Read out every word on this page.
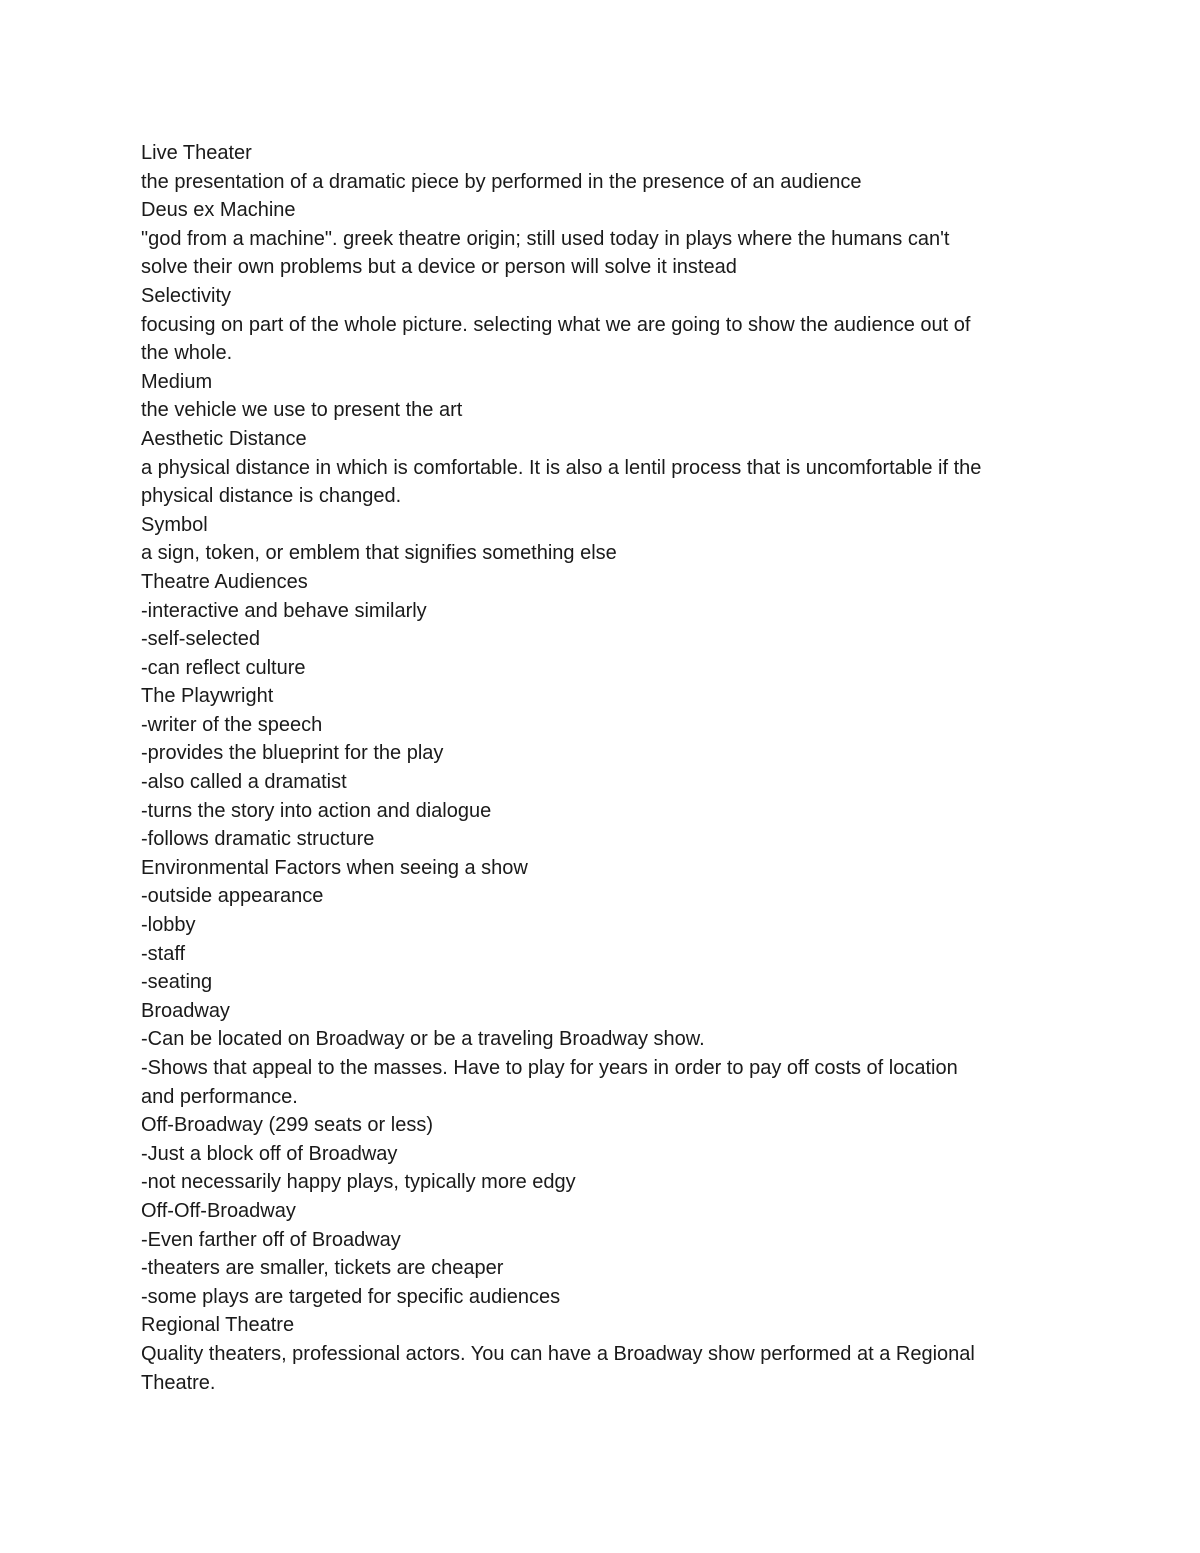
Live Theater
the presentation of a dramatic piece by performed in the presence of an audience
Deus ex Machine
"god from a machine". greek theatre origin; still used today in plays where the humans can't
solve their own problems but a device or person will solve it instead
Selectivity
focusing on part of the whole picture. selecting what we are going to show the audience out of
the whole.
Medium
the vehicle we use to present the art
Aesthetic Distance
a physical distance in which is comfortable. It is also a lentil process that is uncomfortable if the
physical distance is changed.
Symbol
a sign, token, or emblem that signifies something else
Theatre Audiences
-interactive and behave similarly
-self-selected
-can reflect culture
The Playwright
-writer of the speech
-provides the blueprint for the play
-also called a dramatist
-turns the story into action and dialogue
-follows dramatic structure
Environmental Factors when seeing a show
-outside appearance
-lobby
-staff
-seating
Broadway
-Can be located on Broadway or be a traveling Broadway show.
-Shows that appeal to the masses. Have to play for years in order to pay off costs of location
and performance.
Off-Broadway (299 seats or less)
-Just a block off of Broadway
-not necessarily happy plays, typically more edgy
Off-Off-Broadway
-Even farther off of Broadway
-theaters are smaller, tickets are cheaper
-some plays are targeted for specific audiences
Regional Theatre
Quality theaters, professional actors. You can have a Broadway show performed at a Regional
Theatre.
